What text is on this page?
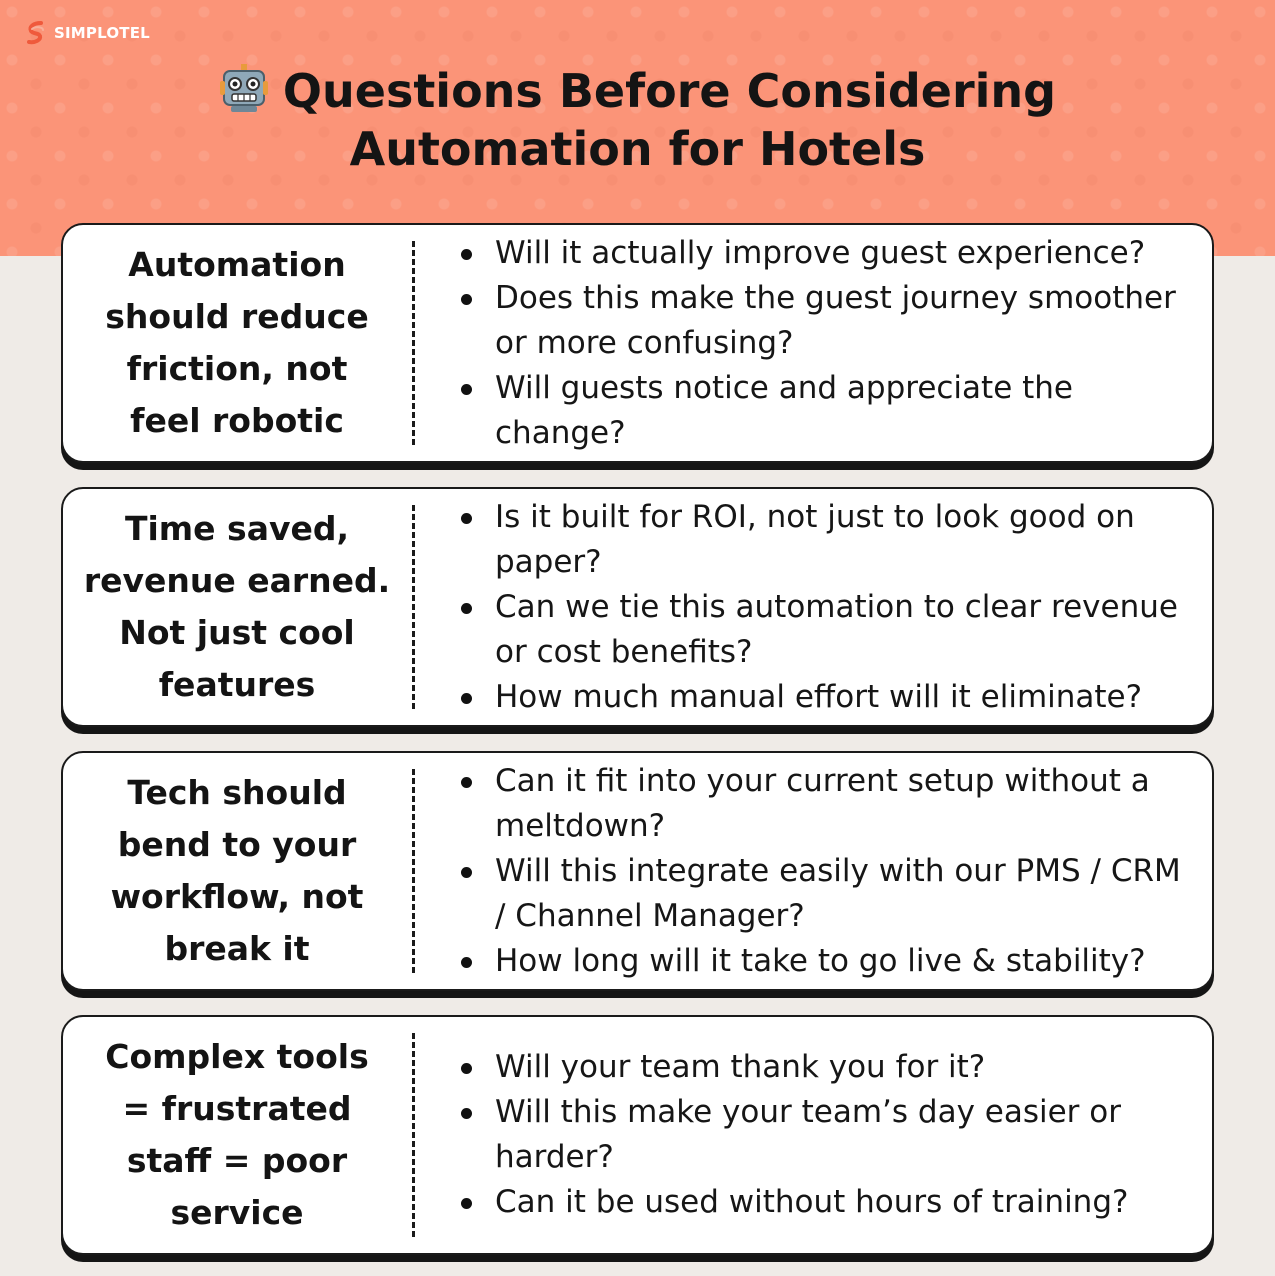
SIMPLOTEL
Questions Before Considering
Automation for Hotels
Automation
should reduce
friction, not
feel robotic
Will it actually improve guest experience?
Does this make the guest journey smoother or more confusing?
Will guests notice and appreciate the change?
Time saved,
revenue earned.
Not just cool
features
Is it built for ROI, not just to look good on paper?
Can we tie this automation to clear revenue or cost benefits?
How much manual effort will it eliminate?
Tech should
bend to your
workflow, not
break it
Can it fit into your current setup without a meltdown?
Will this integrate easily with our PMS / CRM / Channel Manager?
How long will it take to go live & stability?
Complex tools
= frustrated
staff = poor
service
Will your team thank you for it?
Will this make your team’s day easier or harder?
Can it be used without hours of training?
